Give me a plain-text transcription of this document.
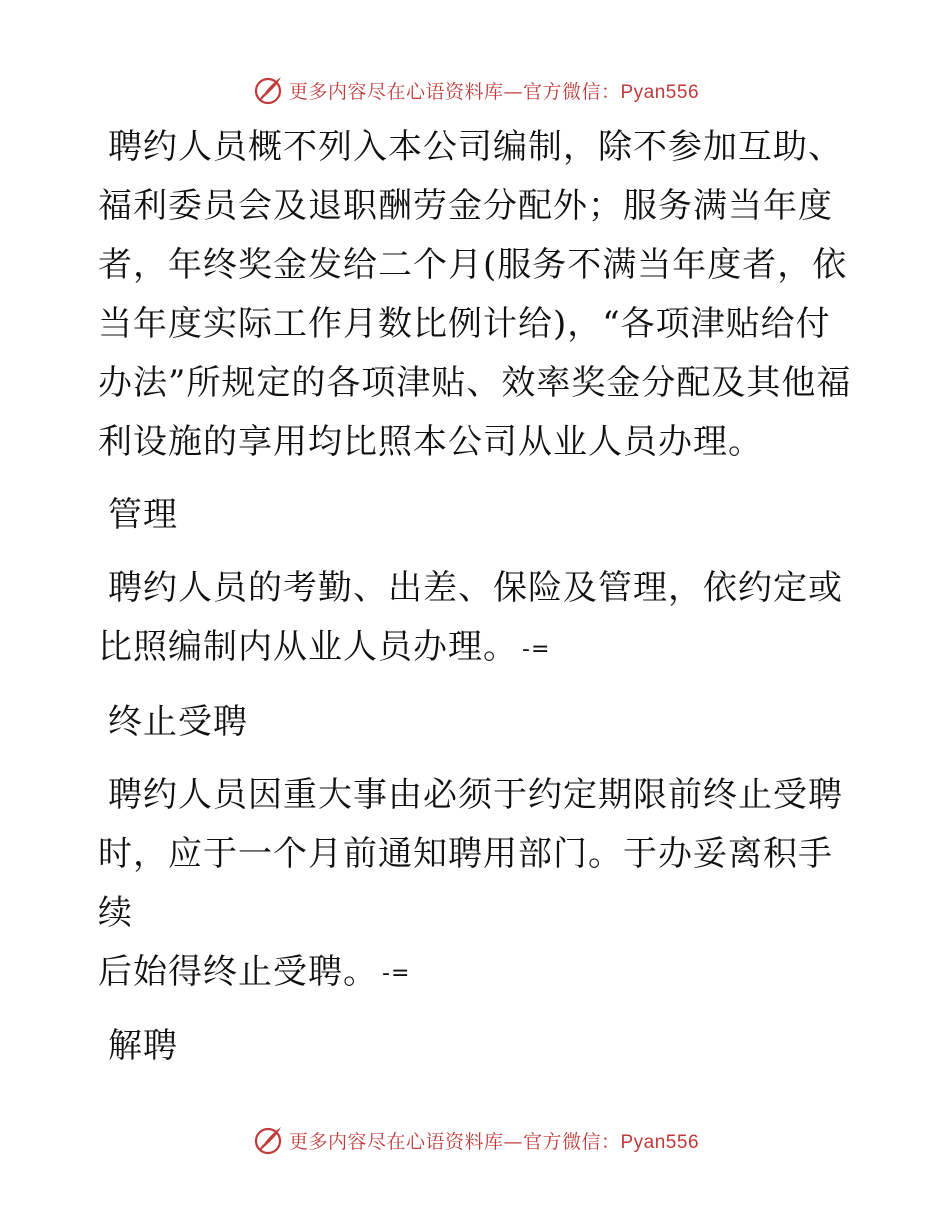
更多内容尽在心语资料库—官方微信：Pyan556

聘约人员概不列入本公司编制，除不参加互助、
福利委员会及退职酬劳金分配外；服务满当年度
者，年终奖金发给二个月(服务不满当年度者，依
当年度实际工作月数比例计给)，“各项津贴给付
办法”所规定的各项津贴、效率奖金分配及其他福
利设施的享用均比照本公司从业人员办理。

管理

聘约人员的考勤、出差、保险及管理，依约定或
比照编制内从业人员办理。 -=

终止受聘

聘约人员因重大事由必须于约定期限前终止受聘
时，应于一个月前通知聘用部门。于办妥离积手续
后始得终止受聘。 -=

解聘

更多内容尽在心语资料库—官方微信：Pyan556
